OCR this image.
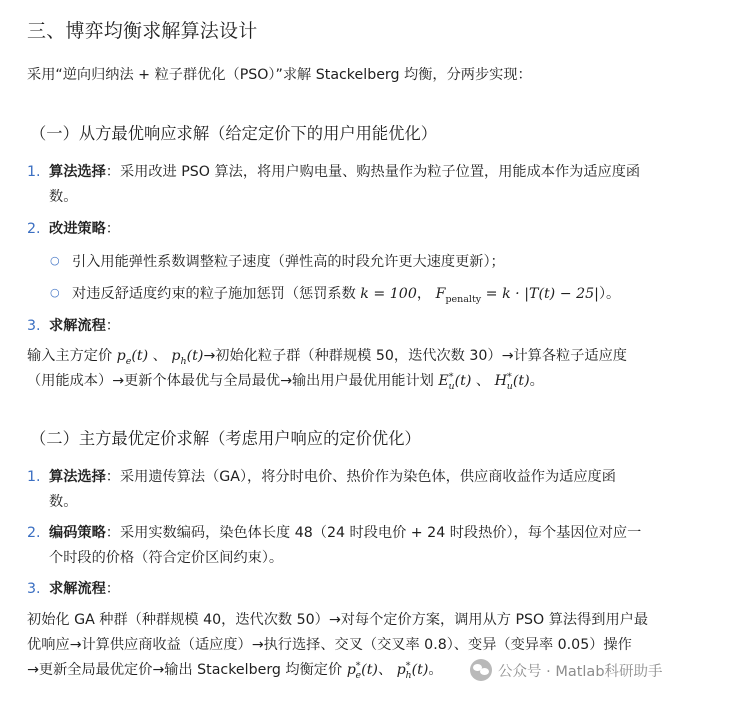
三、博弈均衡求解算法设计

采用“逆向归纳法 + 粒子群优化（PSO）”求解 Stackelberg 均衡，分两步实现：

（一）从方最优响应求解（给定定价下的用户用能优化）
1. 算法选择：采用改进 PSO 算法，将用户购电量、购热量作为粒子位置，用能成本作为适应度函
数。
2. 改进策略：
○ 引入用能弹性系数调整粒子速度（弹性高的时段允许更大速度更新）；
○ 对违反舒适度约束的粒子施加惩罚（惩罚系数 k = 100， $F_{penalty} = k \cdot |T(t) - 25|$）。
3. 求解流程：
输入主方定价 $p_e(t)$ 、 $p_h(t)\to$初始化粒子群（种群规模 50，迭代次数 30）→计算各粒子适应度
（用能成本）→更新个体最优与全局最优→输出用户最优用能计划 $E^*_u(t)$ 、 $H^*_u(t)$。
（二）主方最优定价求解（考虑用户响应的定价优化）
1. 算法选择：采用遗传算法（GA），将分时电价、热价作为染色体，供应商收益作为适应度函
数。
2. 编码策略：采用实数编码，染色体长度 48（24 时段电价 + 24 时段热价），每个基因位对应一
个时段的价格（符合定价区间约束）。
3. 求解流程：
初始化 GA 种群（种群规模 40，迭代次数 50）→对每个定价方案，调用从方 PSO 算法得到用户最
优响应→计算供应商收益（适应度）→执行选择、交叉（交叉率 0.8）、变异（变异率 0.05）操作
→更新全局最优定价→输出 Stackelberg 均衡定价 $p^*_e(t)$、 $p^*_h(t)$。	公众号 · Matlab科研助手
